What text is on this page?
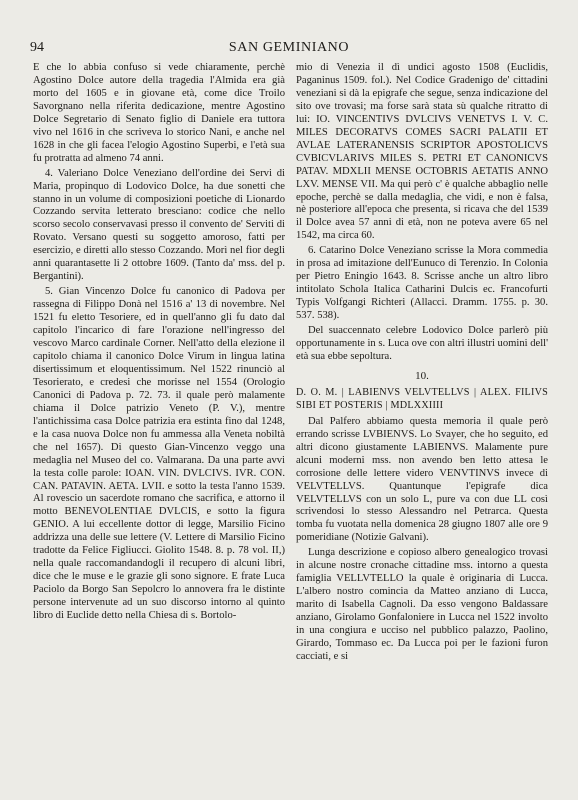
94	SAN GEMINIANO

E che lo abbia confuso si vede chiaramente, perchè Agostino Dolce autore della tragedia l'Almida era già morto del 1605 e in giovane età, come dice Troilo Savorgnano nella riferita dedicazione, mentre Agostino Dolce Segretario di Senato figlio di Daniele era tuttora vivo nel 1616 in che scriveva lo storico Nani, e anche nel 1628 in che gli facea l'elogio Agostino Superbi, e l'età sua fu protratta ad almeno 74 anni.

4. Valeriano Dolce Veneziano dell'ordine dei Servi di Maria, propinquo di Lodovico Dolce, ha due sonetti che stanno in un volume di composizioni poetiche di Lionardo Cozzando servita letterato bresciano: codice che nello scorso secolo conservavasi presso il convento de' Serviti di Rovato. Versano questi su soggetto amoroso, fatti per esercizio, e diretti allo stesso Cozzando. Morì nel fior degli anni quarantasette li 2 ottobre 1609. (Tanto da' mss. del p. Bergantini).

5. Gian Vincenzo Dolce fu canonico di Padova per rassegna di Filippo Donà nel 1516 a' 13 di novembre. Nel 1521 fu eletto Tesoriere, ed in quell'anno gli fu dato dal capitolo l'incarico di fare l'orazione nell'ingresso del vescovo Marco cardinale Corner. Nell'atto della elezione il capitolo chiama il canonico Dolce Virum in lingua latina disertissimum et eloquentissimum. Nel 1522 rinunciò al Tesorierato, e credesi che morisse nel 1554 (Orologio Canonici di Padova p. 72. 73. il quale però malamente chiama il Dolce patrizio Veneto (P. V.), mentre l'antichissima casa Dolce patrizia era estinta fino dal 1248, e la casa nuova Dolce non fu ammessa alla Veneta nobiltà che nel 1657). Di questo Gian-Vincenzo veggo una medaglia nel Museo del co. Valmarana. Da una parte avvi la testa colle parole: IOAN. VIN. DVLCIVS. IVR. CON. CAN. PATAVIN. AETA. LVII. e sotto la testa l'anno 1539. Al rovescio un sacerdote romano che sacrifica, e attorno il motto BENEVOLENTIAE DVLCIS, e sotto la figura GENIO. A lui eccellente dottor di legge, Marsilio Ficino addrizza una delle sue lettere (V. Lettere di Marsilio Ficino tradotte da Felice Figliucci. Giolito 1548. 8. p. 78 vol. II,) nella quale raccomandandogli il recupero di alcuni libri, dice che le muse e le grazie gli sono signore. E frate Luca Paciolo da Borgo San Sepolcro lo annovera fra le distinte persone intervenute ad un suo discorso intorno al quinto libro di Euclide detto nella Chiesa di s. Bortolo-

mio di Venezia il dì undici agosto 1508 (Euclidis, Paganinus 1509. fol.). Nel Codice Gradenigo de' cittadini veneziani si dà la epigrafe che segue, senza indicazione del sito ove trovasi; ma forse sarà stata sù qualche ritratto di lui: IO. VINCENTIVS DVLCIVS VENETVS I. V. C. MILES DECORATVS COMES SACRI PALATII ET AVLAE LATERANENSIS SCRIPTOR APOSTOLICVS CVBICVLARIVS MILES S. PETRI ET CANONICVS PATAV. MDXLII MENSE OCTOBRIS AETATIS ANNO LXV. MENSE VII. Ma qui però c' è qualche abbaglio nelle epoche, perchè se dalla medaglia, che vidi, e non è falsa, nè posteriore all'epoca che presenta, si ricava che del 1539 il Dolce avea 57 anni di età, non ne poteva avere 65 nel 1542, ma circa 60.

6. Catarino Dolce Veneziano scrisse la Mora commedia in prosa ad imitazione dell'Eunuco di Terenzio. In Colonia per Pietro Eningio 1643. 8. Scrisse anche un altro libro intitolato Schola Italica Catharini Dulcis ec. Francofurti Typis Volfgangi Richteri (Allacci. Dramm. 1755. p. 30. 537. 538).

Del suaccennato celebre Lodovico Dolce parlerò più opportunamente in s. Luca ove con altri illustri uomini dell' età sua ebbe sepoltura.

10.

D. O. M. | LABIENVS VELVTELLVS | ALEX. FILIVS SIBI ET POSTERIS | MDLXXIIII

Dal Palfero abbiamo questa memoria il quale però errando scrisse LVBIENVS. Lo Svayer, che ho seguito, ed altri dicono giustamente LABIENVS. Malamente pure alcuni moderni mss. non avendo ben letto attesa le corrosione delle lettere videro VENVTINVS invece di VELVTELLVS. Quantunque l'epigrafe dica VELVTELLVS con un solo L, pure va con due LL così scrivendosi lo stesso Alessandro nel Petrarca. Questa tomba fu vuotata nella domenica 28 giugno 1807 alle ore 9 pomeridiane (Notizie Galvani).

Lunga descrizione e copioso albero genealogico trovasi in alcune nostre cronache cittadine mss. intorno a questa famiglia VELLVTELLO la quale è originaria di Lucca. L'albero nostro comincia da Matteo anziano di Lucca, marito di Isabella Cagnoli. Da esso vengono Baldassare anziano, Girolamo Gonfaloniere in Lucca nel 1522 involto in una congiura e ucciso nel pubblico palazzo, Paolino, Girardo, Tommaso ec. Da Lucca poi per le fazioni furon cacciati, e si
